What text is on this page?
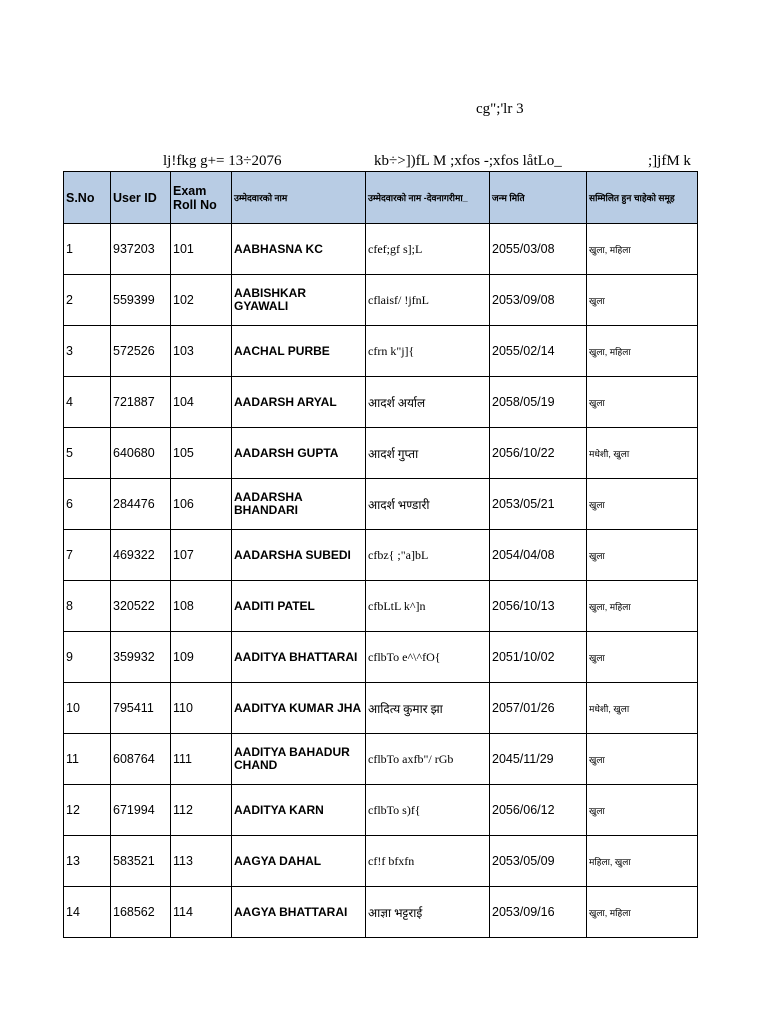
cg";'lr 3
lj!fkg g+= 13÷2076	kb÷>])fL M ;xfos -;xfos låtLo_	;]jfM k
S.No	User ID	Exam Roll No	उम्मेदवारको नाम	उम्मेदवारको नाम -देवनागरीमा_	जन्म मिति	सम्मिलित हुन चाहेको समूह
1	937203	101	AABHASNA KC	cfef;gf s];L	2055/03/08	खुला, महिला
2	559399	102	AABISHKAR GYAWALI	cflaisf/ !jfnL	2053/09/08	खुला
3	572526	103	AACHAL PURBE	cfrn k"j]{	2055/02/14	खुला, महिला
4	721887	104	AADARSH ARYAL	आदर्श अर्याल	2058/05/19	खुला
5	640680	105	AADARSH GUPTA	आदर्श गुप्ता	2056/10/22	मधेशी, खुला
6	284476	106	AADARSHA BHANDARI	आदर्श भण्डारी	2053/05/21	खुला
7	469322	107	AADARSHA SUBEDI	cfbz{ ;"a]bL	2054/04/08	खुला
8	320522	108	AADITI PATEL	cfbLtL k^]n	2056/10/13	खुला, महिला
9	359932	109	AADITYA BHATTARAI	cflbTo e^\^fO{	2051/10/02	खुला
10	795411	110	AADITYA KUMAR JHA	आदित्य कुमार झा	2057/01/26	मधेशी, खुला
11	608764	111	AADITYA BAHADUR CHAND	cflbTo axfb"/ rGb	2045/11/29	खुला
12	671994	112	AADITYA KARN	cflbTo s)f{	2056/06/12	खुला
13	583521	113	AAGYA DAHAL	cf!f bfxfn	2053/05/09	महिला, खुला
14	168562	114	AAGYA BHATTARAI	आज्ञा भट्टराई	2053/09/16	खुला, महिला
